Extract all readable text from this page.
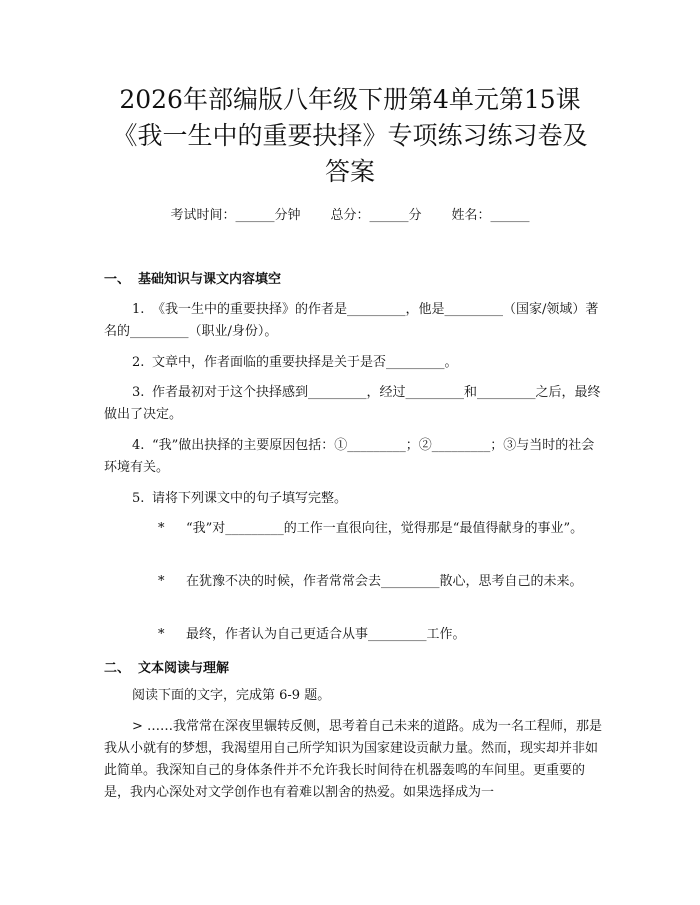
2026年部编版八年级下册第4单元第15课
《我一生中的重要抉择》专项练习练习卷及
答案
考试时间：______分钟 总分：______分 姓名：______
一、 基础知识与课文内容填空
1. 《我一生中的重要抉择》的作者是_________，他是_________（国家/领域）著名的_________（职业/身份）。
2. 文章中，作者面临的重要抉择是关于是否_________。
3. 作者最初对于这个抉择感到_________，经过_________和_________之后，最终做出了决定。
4. “我”做出抉择的主要原因包括：①_________；②_________；③与当时的社会环境有关。
5. 请将下列课文中的句子填写完整。
* “我”对_________的工作一直很向往，觉得那是“最值得献身的事业”。
* 在犹豫不决的时候，作者常常会去_________散心，思考自己的未来。
* 最终，作者认为自己更适合从事_________工作。
二、 文本阅读与理解
阅读下面的文字，完成第 6-9 题。
> ……我常常在深夜里辗转反侧，思考着自己未来的道路。成为一名工程师，那是我从小就有的梦想，我渴望用自己所学知识为国家建设贡献力量。然而，现实却并非如此简单。我深知自己的身体条件并不允许我长时间待在机器轰鸣的车间里。更重要的是，我内心深处对文学创作也有着难以割舍的热爱。如果选择成为一
